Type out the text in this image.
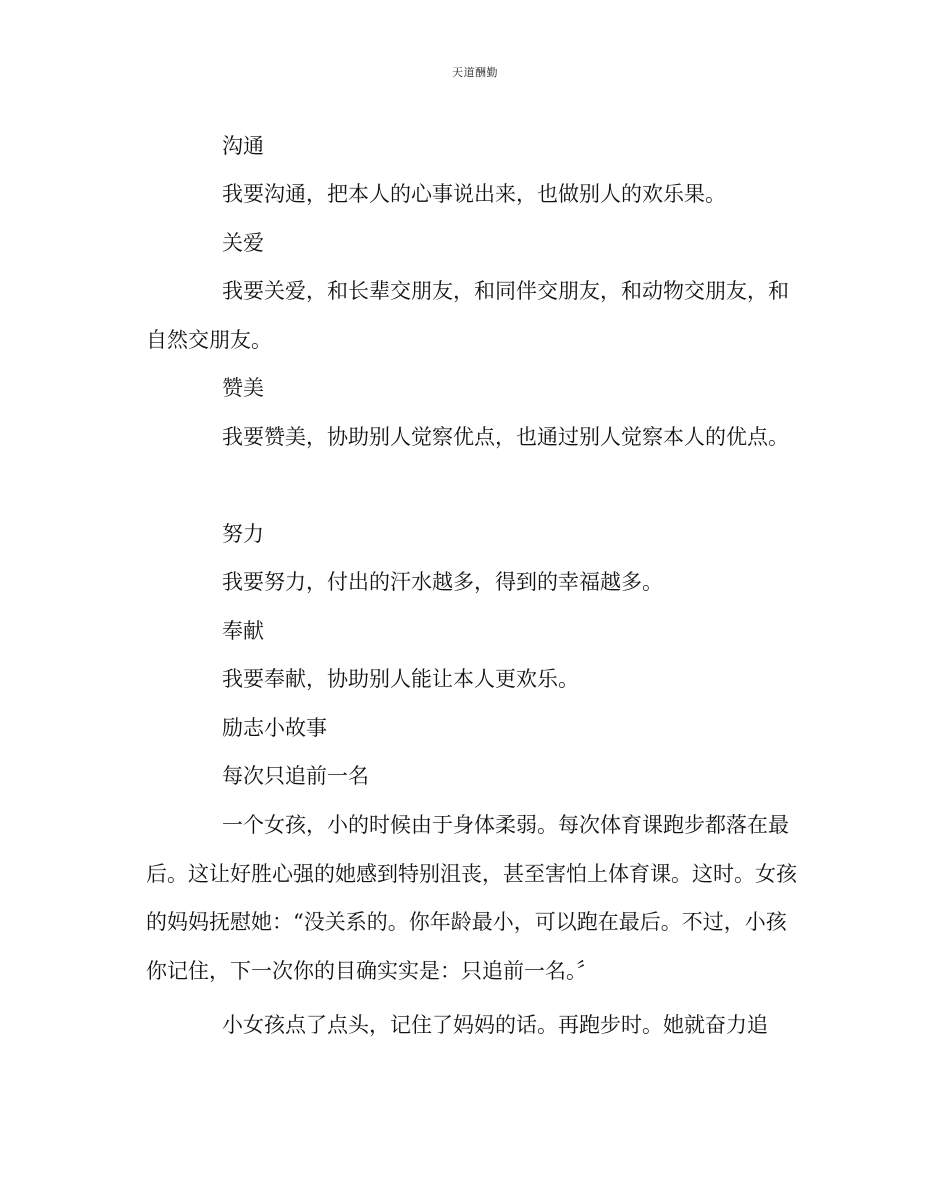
天道酬勤

沟通

我要沟通，把本人的心事说出来，也做别人的欢乐果。

关爱

我要关爱，和长辈交朋友，和同伴交朋友，和动物交朋友，和自然交朋友。

赞美

我要赞美，协助别人觉察优点，也通过别人觉察本人的优点。

努力

我要努力，付出的汗水越多，得到的幸福越多。

奉献

我要奉献，协助别人能让本人更欢乐。

励志小故事

每次只追前一名

一个女孩，小的时候由于身体柔弱。每次体育课跑步都落在最后。这让好胜心强的她感到特别沮丧，甚至害怕上体育课。这时。女孩的妈妈抚慰她：“没关系的。你年龄最小，可以跑在最后。不过，小孩你记住，下一次你的目确实实是：只追前一名。〞

小女孩点了点头，记住了妈妈的话。再跑步时。她就奋力追
